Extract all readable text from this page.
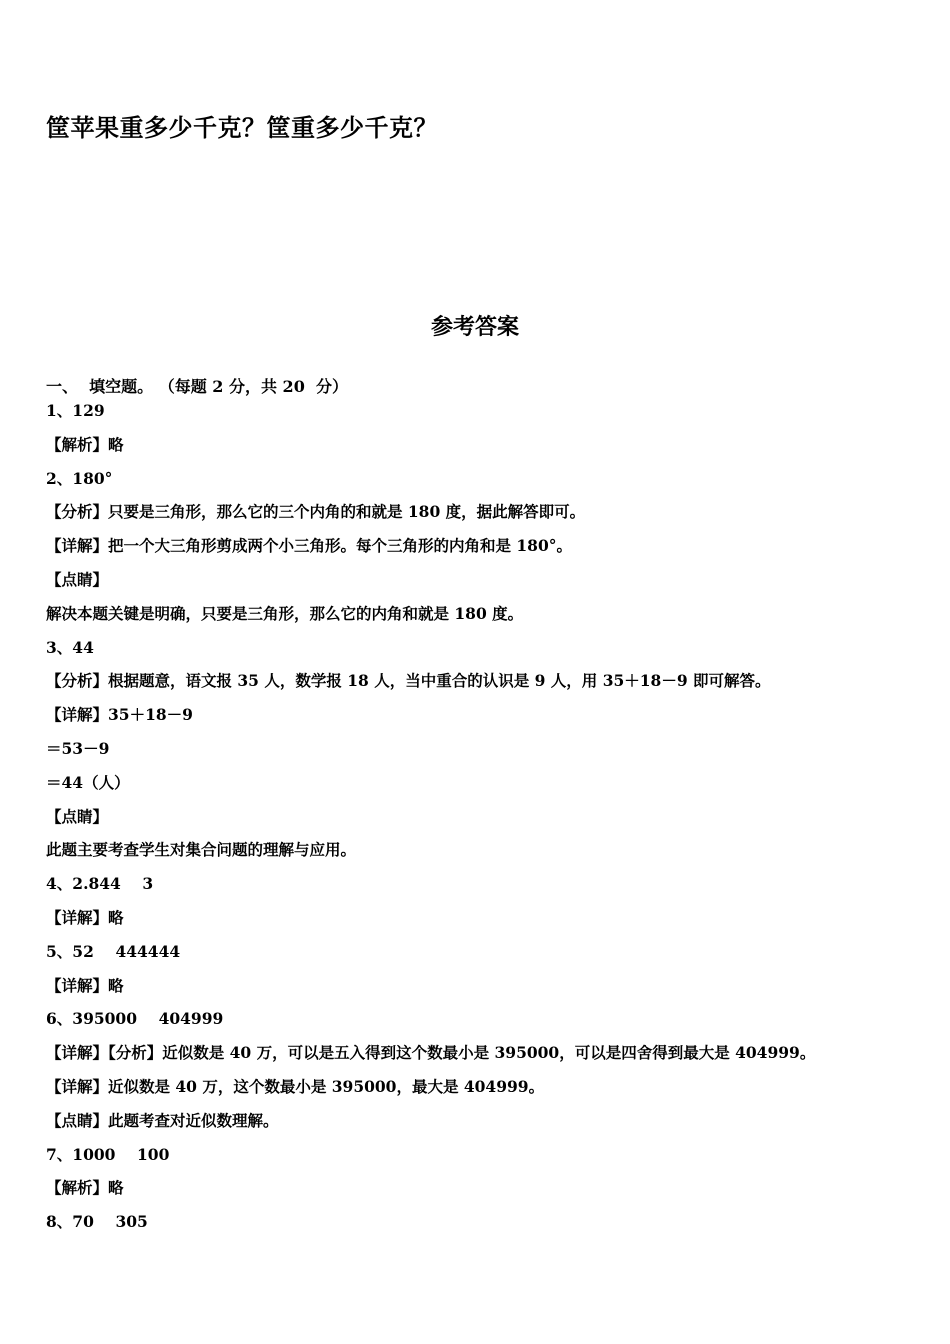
筐苹果重多少千克？筐重多少千克？
参考答案
一、  填空题。 （每题 2 分，共 20  分）
1、129
【解析】略
2、180°
【分析】只要是三角形，那么它的三个内角的和就是 180 度，据此解答即可。
【详解】把一个大三角形剪成两个小三角形。每个三角形的内角和是 180°。
【点睛】
解决本题关键是明确，只要是三角形，那么它的内角和就是 180 度。
3、44
【分析】根据题意，语文报 35 人，数学报 18 人，当中重合的认识是 9 人，用 35＋18－9 即可解答。
【详解】35＋18－9
＝53－9
＝44（人）
【点睛】
此题主要考查学生对集合问题的理解与应用。
4、2.844    3
【详解】略
5、52    444444
【详解】略
6、395000    404999
【详解】【分析】近似数是 40 万，可以是五入得到这个数最小是 395000，可以是四舍得到最大是 404999。
【详解】近似数是 40 万，这个数最小是 395000，最大是 404999。
【点睛】此题考查对近似数理解。
7、1000    100
【解析】略
8、70    305
